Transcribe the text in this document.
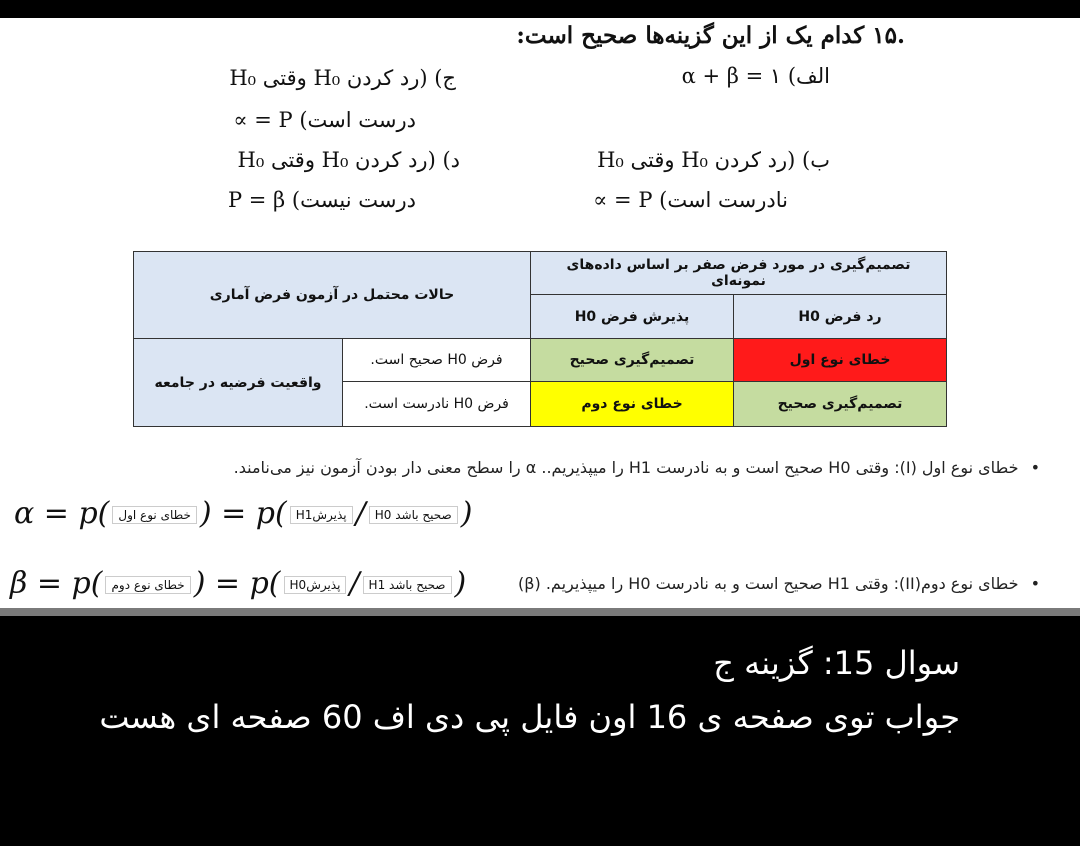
.۱۵ کدام یک از این گزینه‌ها صحیح است:
الف) ۱ = α + β
ج) (رد کردن H₀ وقتی H₀
درست است) P = ∝
ب) (رد کردن H₀ وقتی H₀
نادرست است) P = ∝
د) (رد کردن H₀ وقتی H₀
درست نیست) P = β
تصمیم‌گیری در مورد فرض صفر بر اساس داده‌های نمونه‌ای		حالات محتمل در آزمون فرض آماری	
رد فرض H0	پذیرش فرض H0		
خطای نوع اول	تصمیم‌گیری صحیح	فرض H0 صحیح است.	واقعیت فرضیه در جامعه
تصمیم‌گیری صحیح	خطای نوع دوم	فرض H0 نادرست است.	
•خطای نوع اول (I): وقتی H0 صحیح است و به نادرست H1 را میپذیریم.. α را سطح معنی دار بودن آزمون نیز می‌نامند.
α = p( خطای نوع اول ) = p( H1پذیرش / H0 صحیح باشد )
•خطای نوع دوم(II): وقتی H1 صحیح است و به نادرست H0 را میپذیریم. (β)
β = p( خطای نوع دوم ) = p( H0پذیرش / H1 صحیح باشد )
سوال 15: گزینه ج
جواب توی صفحه ی 16 اون فایل پی دی اف 60 صفحه ای هست
